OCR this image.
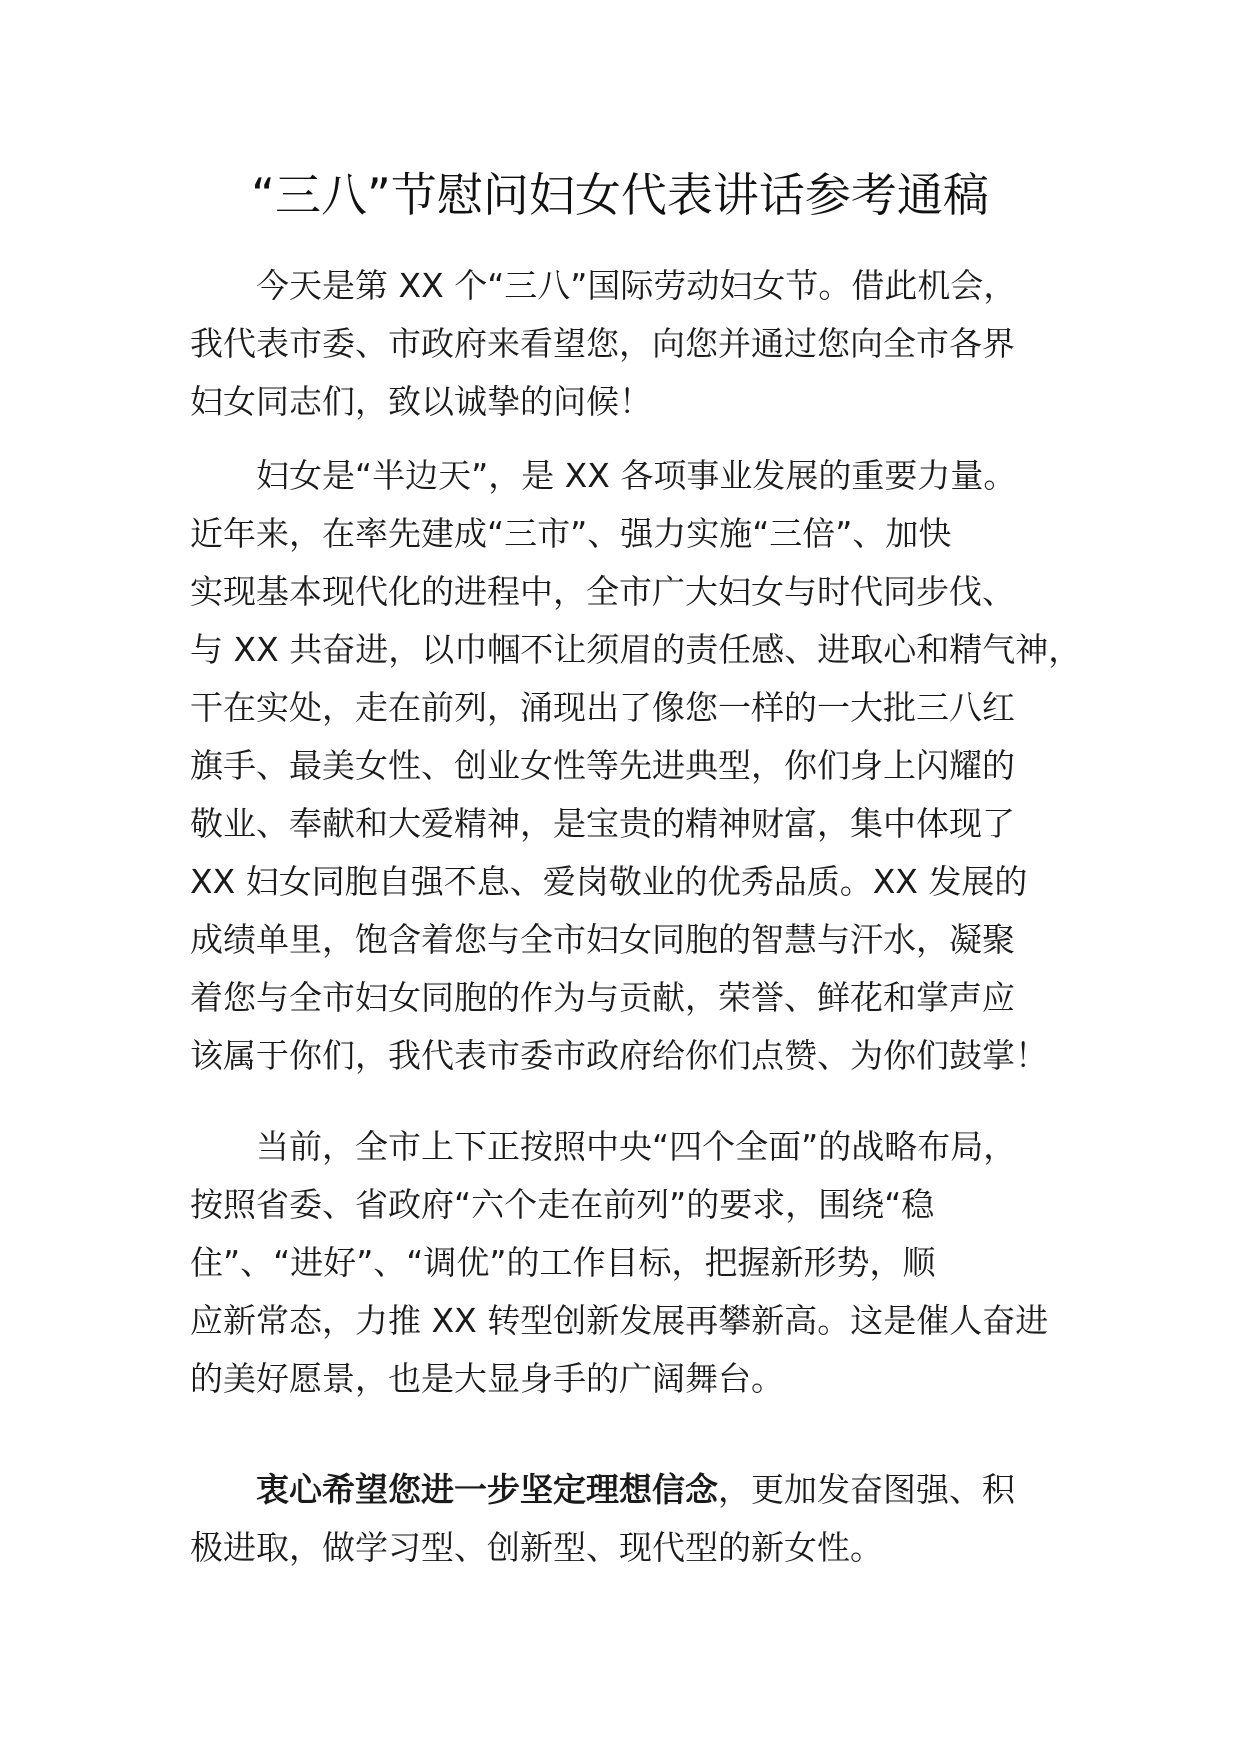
“三八”节慰问妇女代表讲话参考通稿
今天是第 XX 个“三八”国际劳动妇女节。借此机会，
我代表市委、市政府来看望您，向您并通过您向全市各界
妇女同志们，致以诚挚的问候！
妇女是“半边天”，是 XX 各项事业发展的重要力量。
近年来，在率先建成“三市”、强力实施“三倍”、加快
实现基本现代化的进程中，全市广大妇女与时代同步伐、
与 XX 共奋进，以巾帼不让须眉的责任感、进取心和精气神，
干在实处，走在前列，涌现出了像您一样的一大批三八红
旗手、最美女性、创业女性等先进典型，你们身上闪耀的
敬业、奉献和大爱精神，是宝贵的精神财富，集中体现了
XX 妇女同胞自强不息、爱岗敬业的优秀品质。XX 发展的
成绩单里，饱含着您与全市妇女同胞的智慧与汗水，凝聚
着您与全市妇女同胞的作为与贡献，荣誉、鲜花和掌声应
该属于你们，我代表市委市政府给你们点赞、为你们鼓掌！
当前，全市上下正按照中央“四个全面”的战略布局，
按照省委、省政府“六个走在前列”的要求，围绕“稳
住”、“进好”、“调优”的工作目标，把握新形势，顺
应新常态，力推 XX 转型创新发展再攀新高。这是催人奋进
的美好愿景，也是大显身手的广阔舞台。
衷心希望您进一步坚定理想信念，更加发奋图强、积
极进取，做学习型、创新型、现代型的新女性。
